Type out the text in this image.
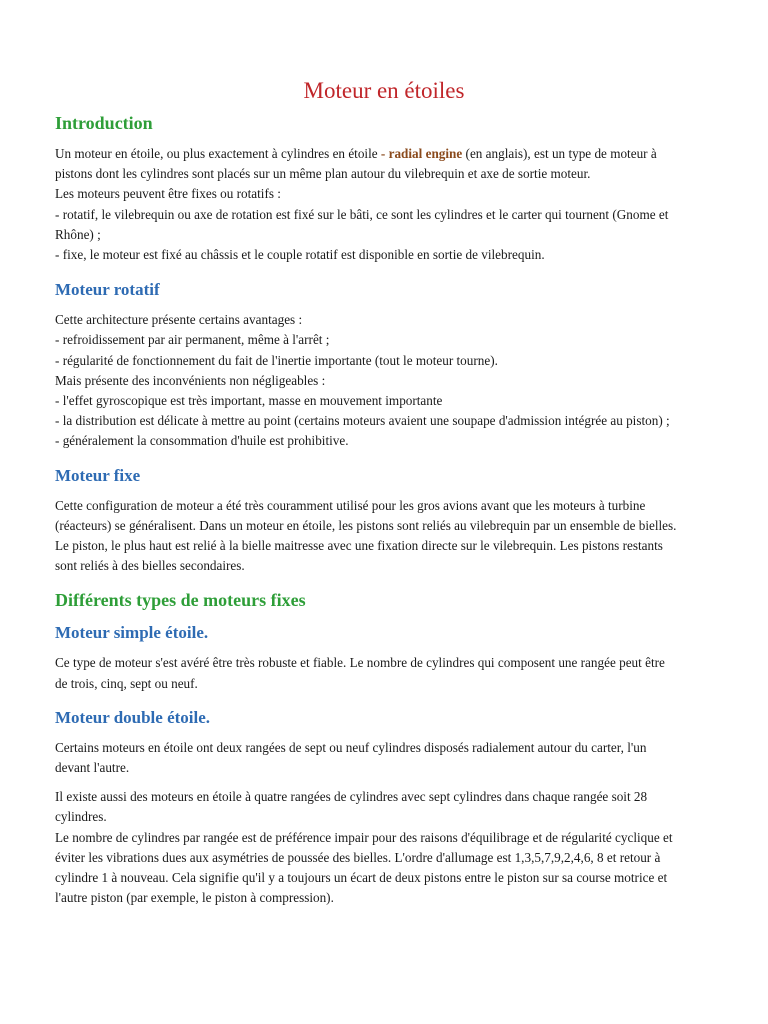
Moteur en étoiles
Introduction

Un moteur en étoile, ou plus exactement à cylindres en étoile - radial engine (en anglais), est un type de moteur à
pistons dont les cylindres sont placés sur un même plan autour du vilebrequin et axe de sortie moteur.
Les moteurs peuvent être fixes ou rotatifs :
- rotatif, le vilebrequin ou axe de rotation est fixé sur le bâti, ce sont les cylindres et le carter qui tournent (Gnome et
Rhône) ;
- fixe, le moteur est fixé au châssis et le couple rotatif est disponible en sortie de vilebrequin.

Moteur rotatif

Cette architecture présente certains avantages :
- refroidissement par air permanent, même à l'arrêt ;
- régularité de fonctionnement du fait de l'inertie importante (tout le moteur tourne).
Mais présente des inconvénients non négligeables :
- l'effet gyroscopique est très important, masse en mouvement importante
- la distribution est délicate à mettre au point (certains moteurs avaient une soupape d'admission intégrée au piston) ;
- généralement la consommation d'huile est prohibitive.

Moteur fixe

Cette configuration de moteur a été très couramment utilisé pour les gros avions avant que les moteurs à turbine
(réacteurs) se généralisent. Dans un moteur en étoile, les pistons sont reliés au vilebrequin par un ensemble de bielles.
Le piston, le plus haut est relié à la bielle maitresse avec une fixation directe sur le vilebrequin. Les pistons restants
sont reliés à des bielles secondaires.

Différents types de moteurs fixes
Moteur simple étoile.

Ce type de moteur s'est avéré être très robuste et fiable. Le nombre de cylindres qui composent une rangée peut être
de trois, cinq, sept ou neuf.

Moteur double étoile.

Certains moteurs en étoile ont deux rangées de sept ou neuf cylindres disposés radialement autour du carter, l'un
devant l'autre.

Il existe aussi des moteurs en étoile à quatre rangées de cylindres avec sept cylindres dans chaque rangée soit 28
cylindres.
Le nombre de cylindres par rangée est de préférence impair pour des raisons d'équilibrage et de régularité cyclique et
éviter les vibrations dues aux asymétries de poussée des bielles. L'ordre d'allumage est 1,3,5,7,9,2,4,6, 8 et retour à
cylindre 1 à nouveau. Cela signifie qu'il y a toujours un écart de deux pistons entre le piston sur sa course motrice et
l'autre piston (par exemple, le piston à compression).
